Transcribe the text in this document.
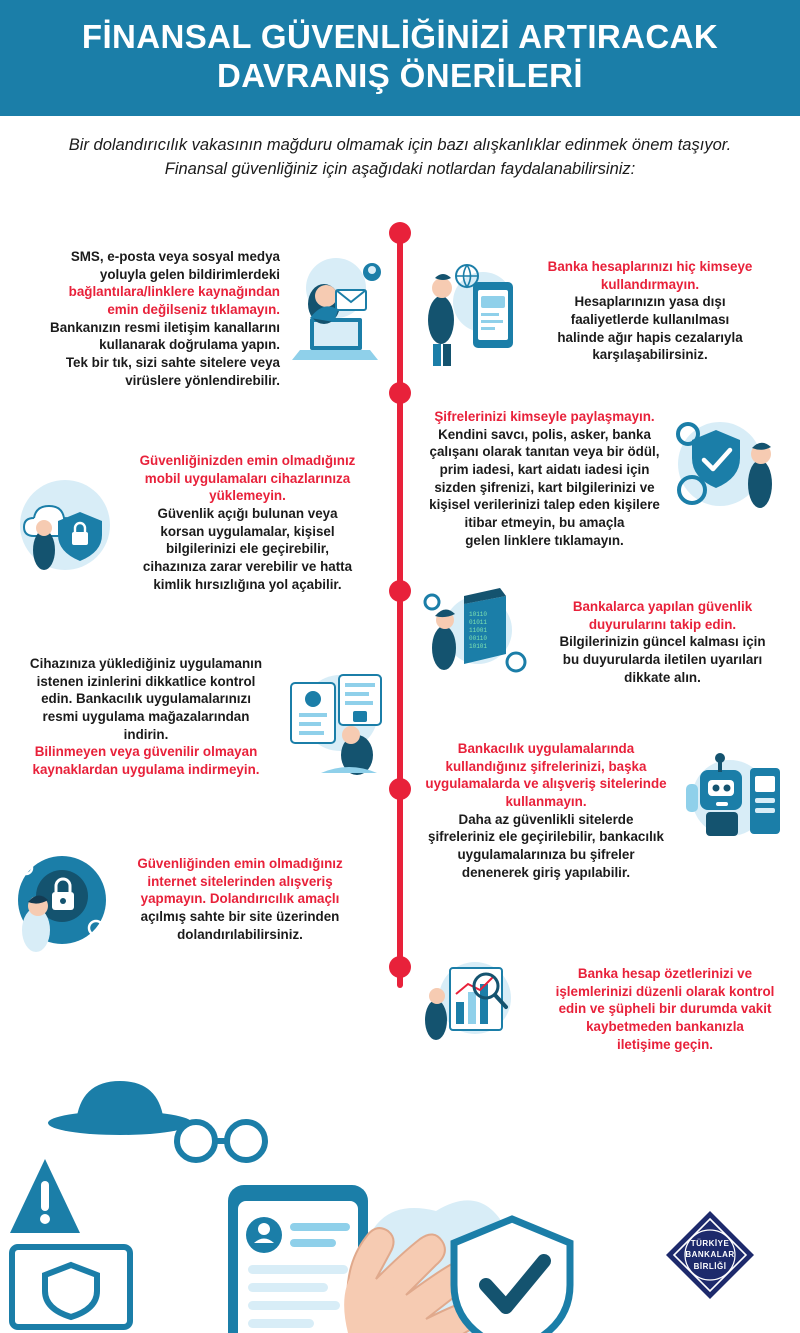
FİNANSAL GÜVENLİĞİNİZİ ARTIRACAK
DAVRANIŞ ÖNERİLERİ
Bir dolandırıcılık vakasının mağduru olmamak için bazı alışkanlıklar edinmek önem taşıyor. Finansal güvenliğiniz için aşağıdaki notlardan faydalanabilirsiniz:

SMS, e-posta veya sosyal medya

yoluyla gelen bildirimlerdeki

bağlantılara/linklere kaynağından

emin değilseniz tıklamayın.

Bankanızın resmi iletişim kanallarını

kullanarak doğrulama yapın.

Tek bir tık, sizi sahte sitelere veya

virüslere yönlendirebilir.

Banka hesaplarınızı hiç kimseye

kullandırmayın.

Hesaplarınızın yasa dışı

faaliyetlerde kullanılması

halinde ağır hapis cezalarıyla

karşılaşabilirsiniz.

Güvenliğinizden emin olmadığınız

mobil uygulamaları cihazlarınıza

yüklemeyin.

Güvenlik açığı bulunan veya

korsan uygulamalar, kişisel

bilgilerinizi ele geçirebilir,

cihazınıza zarar verebilir ve hatta

kimlik hırsızlığına yol açabilir.

Şifrelerinizi kimseyle paylaşmayın.

Kendini savcı, polis, asker, banka

çalışanı olarak tanıtan veya bir ödül,

prim iadesi, kart aidatı iadesi için

sizden şifrenizi, kart bilgilerinizi ve

kişisel verilerinizi talep eden kişilere

itibar etmeyin, bu amaçla

gelen linklere tıklamayın.

Cihazınıza yüklediğiniz uygulamanın

istenen izinlerini dikkatlice kontrol

edin. Bankacılık uygulamalarınızı

resmi uygulama mağazalarından

indirin.

Bilinmeyen veya güvenilir olmayan

kaynaklardan uygulama indirmeyin.

Bankalarca yapılan güvenlik

duyurularını takip edin.

Bilgilerinizin güncel kalması için

bu duyurularda iletilen uyarıları

dikkate alın.

10110
01011
11001
00110
10101

Bankacılık uygulamalarında

kullandığınız şifrelerinizi, başka

uygulamalarda ve alışveriş sitelerinde

kullanmayın.

Daha az güvenlikli sitelerde

şifreleriniz ele geçirilebilir, bankacılık

uygulamalarınıza bu şifreler

denenerek giriş yapılabilir.

Güvenliğinden emin olmadığınız

internet sitelerinden alışveriş

yapmayın. Dolandırıcılık amaçlı

açılmış sahte bir site üzerinden

dolandırılabilirsiniz.

Banka hesap özetlerinizi ve

işlemlerinizi düzenli olarak kontrol

edin ve şüpheli bir durumda vakit

kaybetmeden bankanızla

iletişime geçin.

TÜRKİYE
BANKALAR
BİRLİĞİ
